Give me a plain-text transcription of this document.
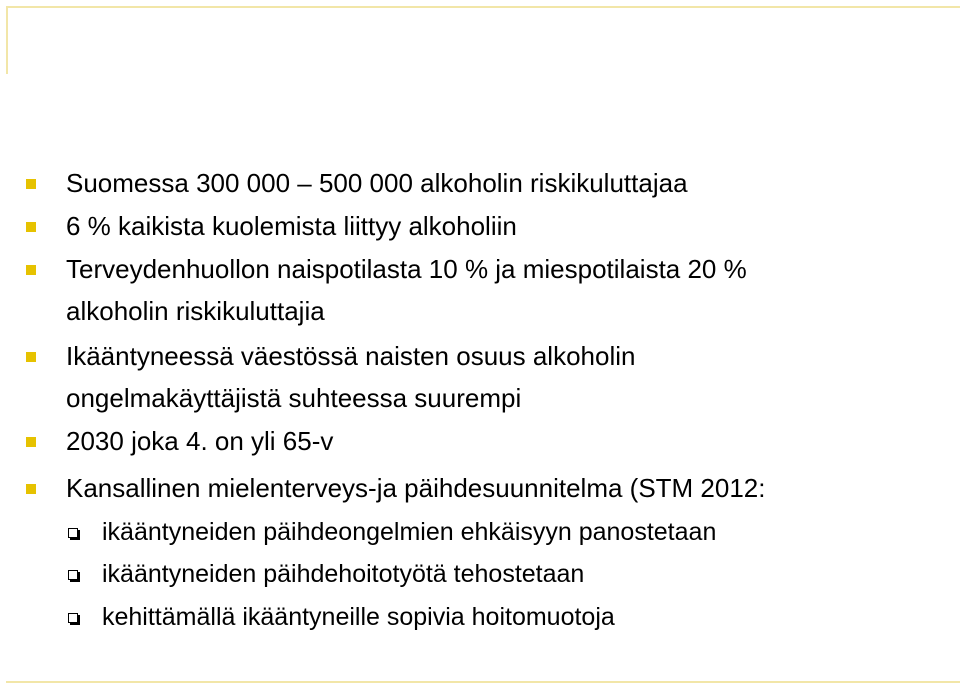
Suomessa 300 000 – 500 000 alkoholin riskikuluttajaa
6 % kaikista kuolemista liittyy alkoholiin
Terveydenhuollon naispotilasta 10 % ja miespotilaista 20 %
alkoholin riskikuluttajia
Ikääntyneessä väestössä naisten osuus alkoholin
ongelmakäyttäjistä suhteessa suurempi
2030 joka 4. on yli 65-v
Kansallinen mielenterveys-ja päihdesuunnitelma (STM 2012:
ikääntyneiden päihdeongelmien ehkäisyyn panostetaan
ikääntyneiden päihdehoitotyötä tehostetaan
kehittämällä ikääntyneille sopivia hoitomuotoja
